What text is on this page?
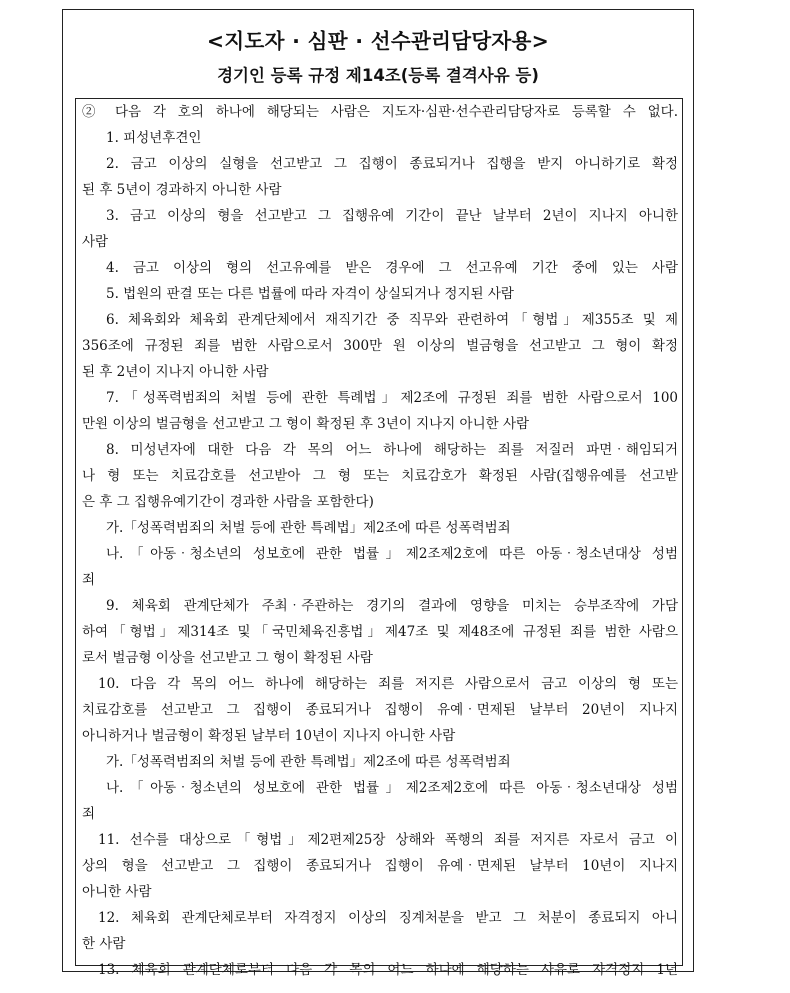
<지도자 · 심판 · 선수관리담당자용>
경기인 등록 규정 제14조(등록 결격사유 등)
② 다음 각 호의 하나에 해당되는 사람은 지도자·심판·선수관리담당자로 등록할 수 없다.
1. 피성년후견인
2. 금고 이상의 실형을 선고받고 그 집행이 종료되거나 집행을 받지 아니하기로 확정
된 후 5년이 경과하지 아니한 사람
3. 금고 이상의 형을 선고받고 그 집행유예 기간이 끝난 날부터 2년이 지나지 아니한
사람
4. 금고 이상의 형의 선고유예를 받은 경우에 그 선고유예 기간 중에 있는 사람
5. 법원의 판결 또는 다른 법률에 따라 자격이 상실되거나 정지된 사람
6. 체육회와 체육회 관계단체에서 재직기간 중 직무와 관련하여「형법」제355조 및 제
356조에 규정된 죄를 범한 사람으로서 300만 원 이상의 벌금형을 선고받고 그 형이 확정
된 후 2년이 지나지 아니한 사람
7.「성폭력범죄의 처벌 등에 관한 특례법」제2조에 규정된 죄를 범한 사람으로서 100
만원 이상의 벌금형을 선고받고 그 형이 확정된 후 3년이 지나지 아니한 사람
8. 미성년자에 대한 다음 각 목의 어느 하나에 해당하는 죄를 저질러 파면‧해임되거
나 형 또는 치료감호를 선고받아 그 형 또는 치료감호가 확정된 사람(집행유예를 선고받
은 후 그 집행유예기간이 경과한 사람을 포함한다)
가.「성폭력범죄의 처벌 등에 관한 특례법」제2조에 따른 성폭력범죄
나.「아동‧청소년의 성보호에 관한 법률」제2조제2호에 따른 아동‧청소년대상 성범
죄
9. 체육회 관계단체가 주최‧주관하는 경기의 결과에 영향을 미치는 승부조작에 가담
하여「형법」제314조 및「국민체육진흥법」제47조 및 제48조에 규정된 죄를 범한 사람으
로서 벌금형 이상을 선고받고 그 형이 확정된 사람
10. 다음 각 목의 어느 하나에 해당하는 죄를 저지른 사람으로서 금고 이상의 형 또는
치료감호를 선고받고 그 집행이 종료되거나 집행이 유예‧면제된 날부터 20년이 지나지
아니하거나 벌금형이 확정된 날부터 10년이 지나지 아니한 사람
가.「성폭력범죄의 처벌 등에 관한 특례법」제2조에 따른 성폭력범죄
나.「아동‧청소년의 성보호에 관한 법률」제2조제2호에 따른 아동‧청소년대상 성범
죄
11. 선수를 대상으로「형법」제2편제25장 상해와 폭행의 죄를 저지른 자로서 금고 이
상의 형을 선고받고 그 집행이 종료되거나 집행이 유예‧면제된 날부터 10년이 지나지
아니한 사람
12. 체육회 관계단체로부터 자격정지 이상의 징계처분을 받고 그 처분이 종료되지 아니
한 사람
13. 체육회 관계단체로부터 다음 각 목의 어느 하나에 해당하는 사유로 자격정지 1년
